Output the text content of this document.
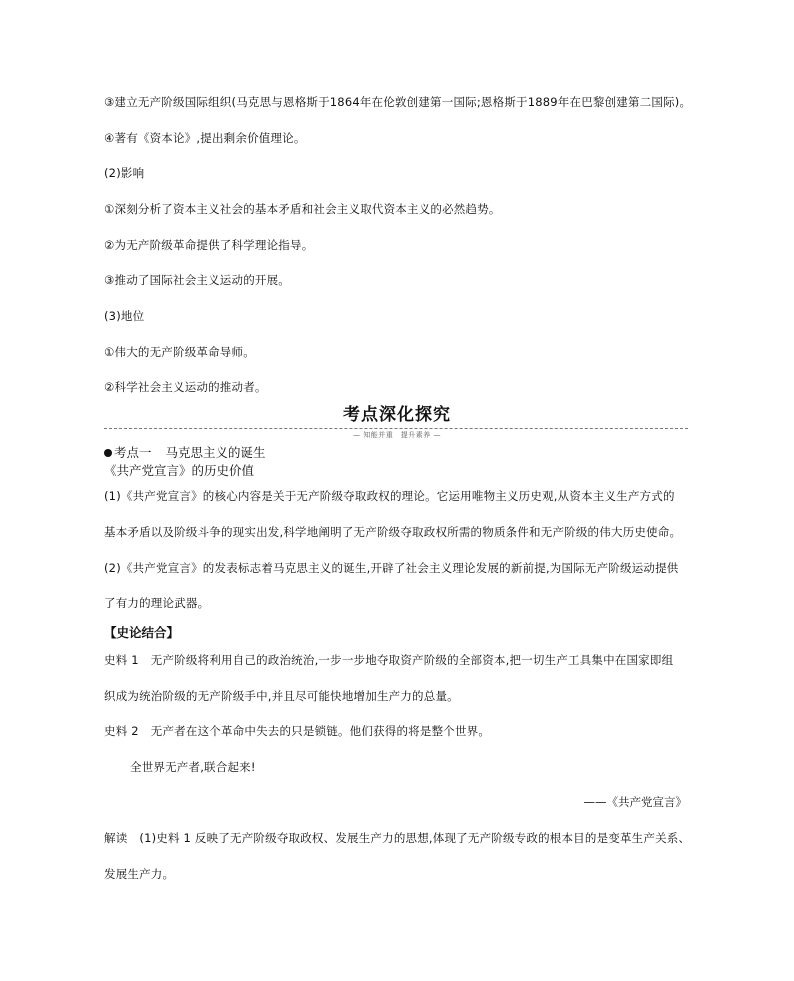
③建立无产阶级国际组织(马克思与恩格斯于1864年在伦敦创建第一国际;恩格斯于1889年在巴黎创建第二国际)。
④著有《资本论》,提出剩余价值理论。
(2)影响
①深刻分析了资本主义社会的基本矛盾和社会主义取代资本主义的必然趋势。
②为无产阶级革命提供了科学理论指导。
③推动了国际社会主义运动的开展。
(3)地位
①伟大的无产阶级革命导师。
②科学社会主义运动的推动者。
考点深化探究
— 知能并重　提升素养 —
考点一 马克思主义的诞生
《共产党宣言》的历史价值
(1)《共产党宣言》的核心内容是关于无产阶级夺取政权的理论。它运用唯物主义历史观,从资本主义生产方式的
基本矛盾以及阶级斗争的现实出发,科学地阐明了无产阶级夺取政权所需的物质条件和无产阶级的伟大历史使命。
(2)《共产党宣言》的发表标志着马克思主义的诞生,开辟了社会主义理论发展的新前提,为国际无产阶级运动提供
了有力的理论武器。
【史论结合】
史料 1 无产阶级将利用自己的政治统治,一步一步地夺取资产阶级的全部资本,把一切生产工具集中在国家即组
织成为统治阶级的无产阶级手中,并且尽可能快地增加生产力的总量。
史料 2 无产者在这个革命中失去的只是锁链。他们获得的将是整个世界。
全世界无产者,联合起来!
——《共产党宣言》
解读 (1)史料 1 反映了无产阶级夺取政权、发展生产力的思想,体现了无产阶级专政的根本目的是变革生产关系、
发展生产力。
